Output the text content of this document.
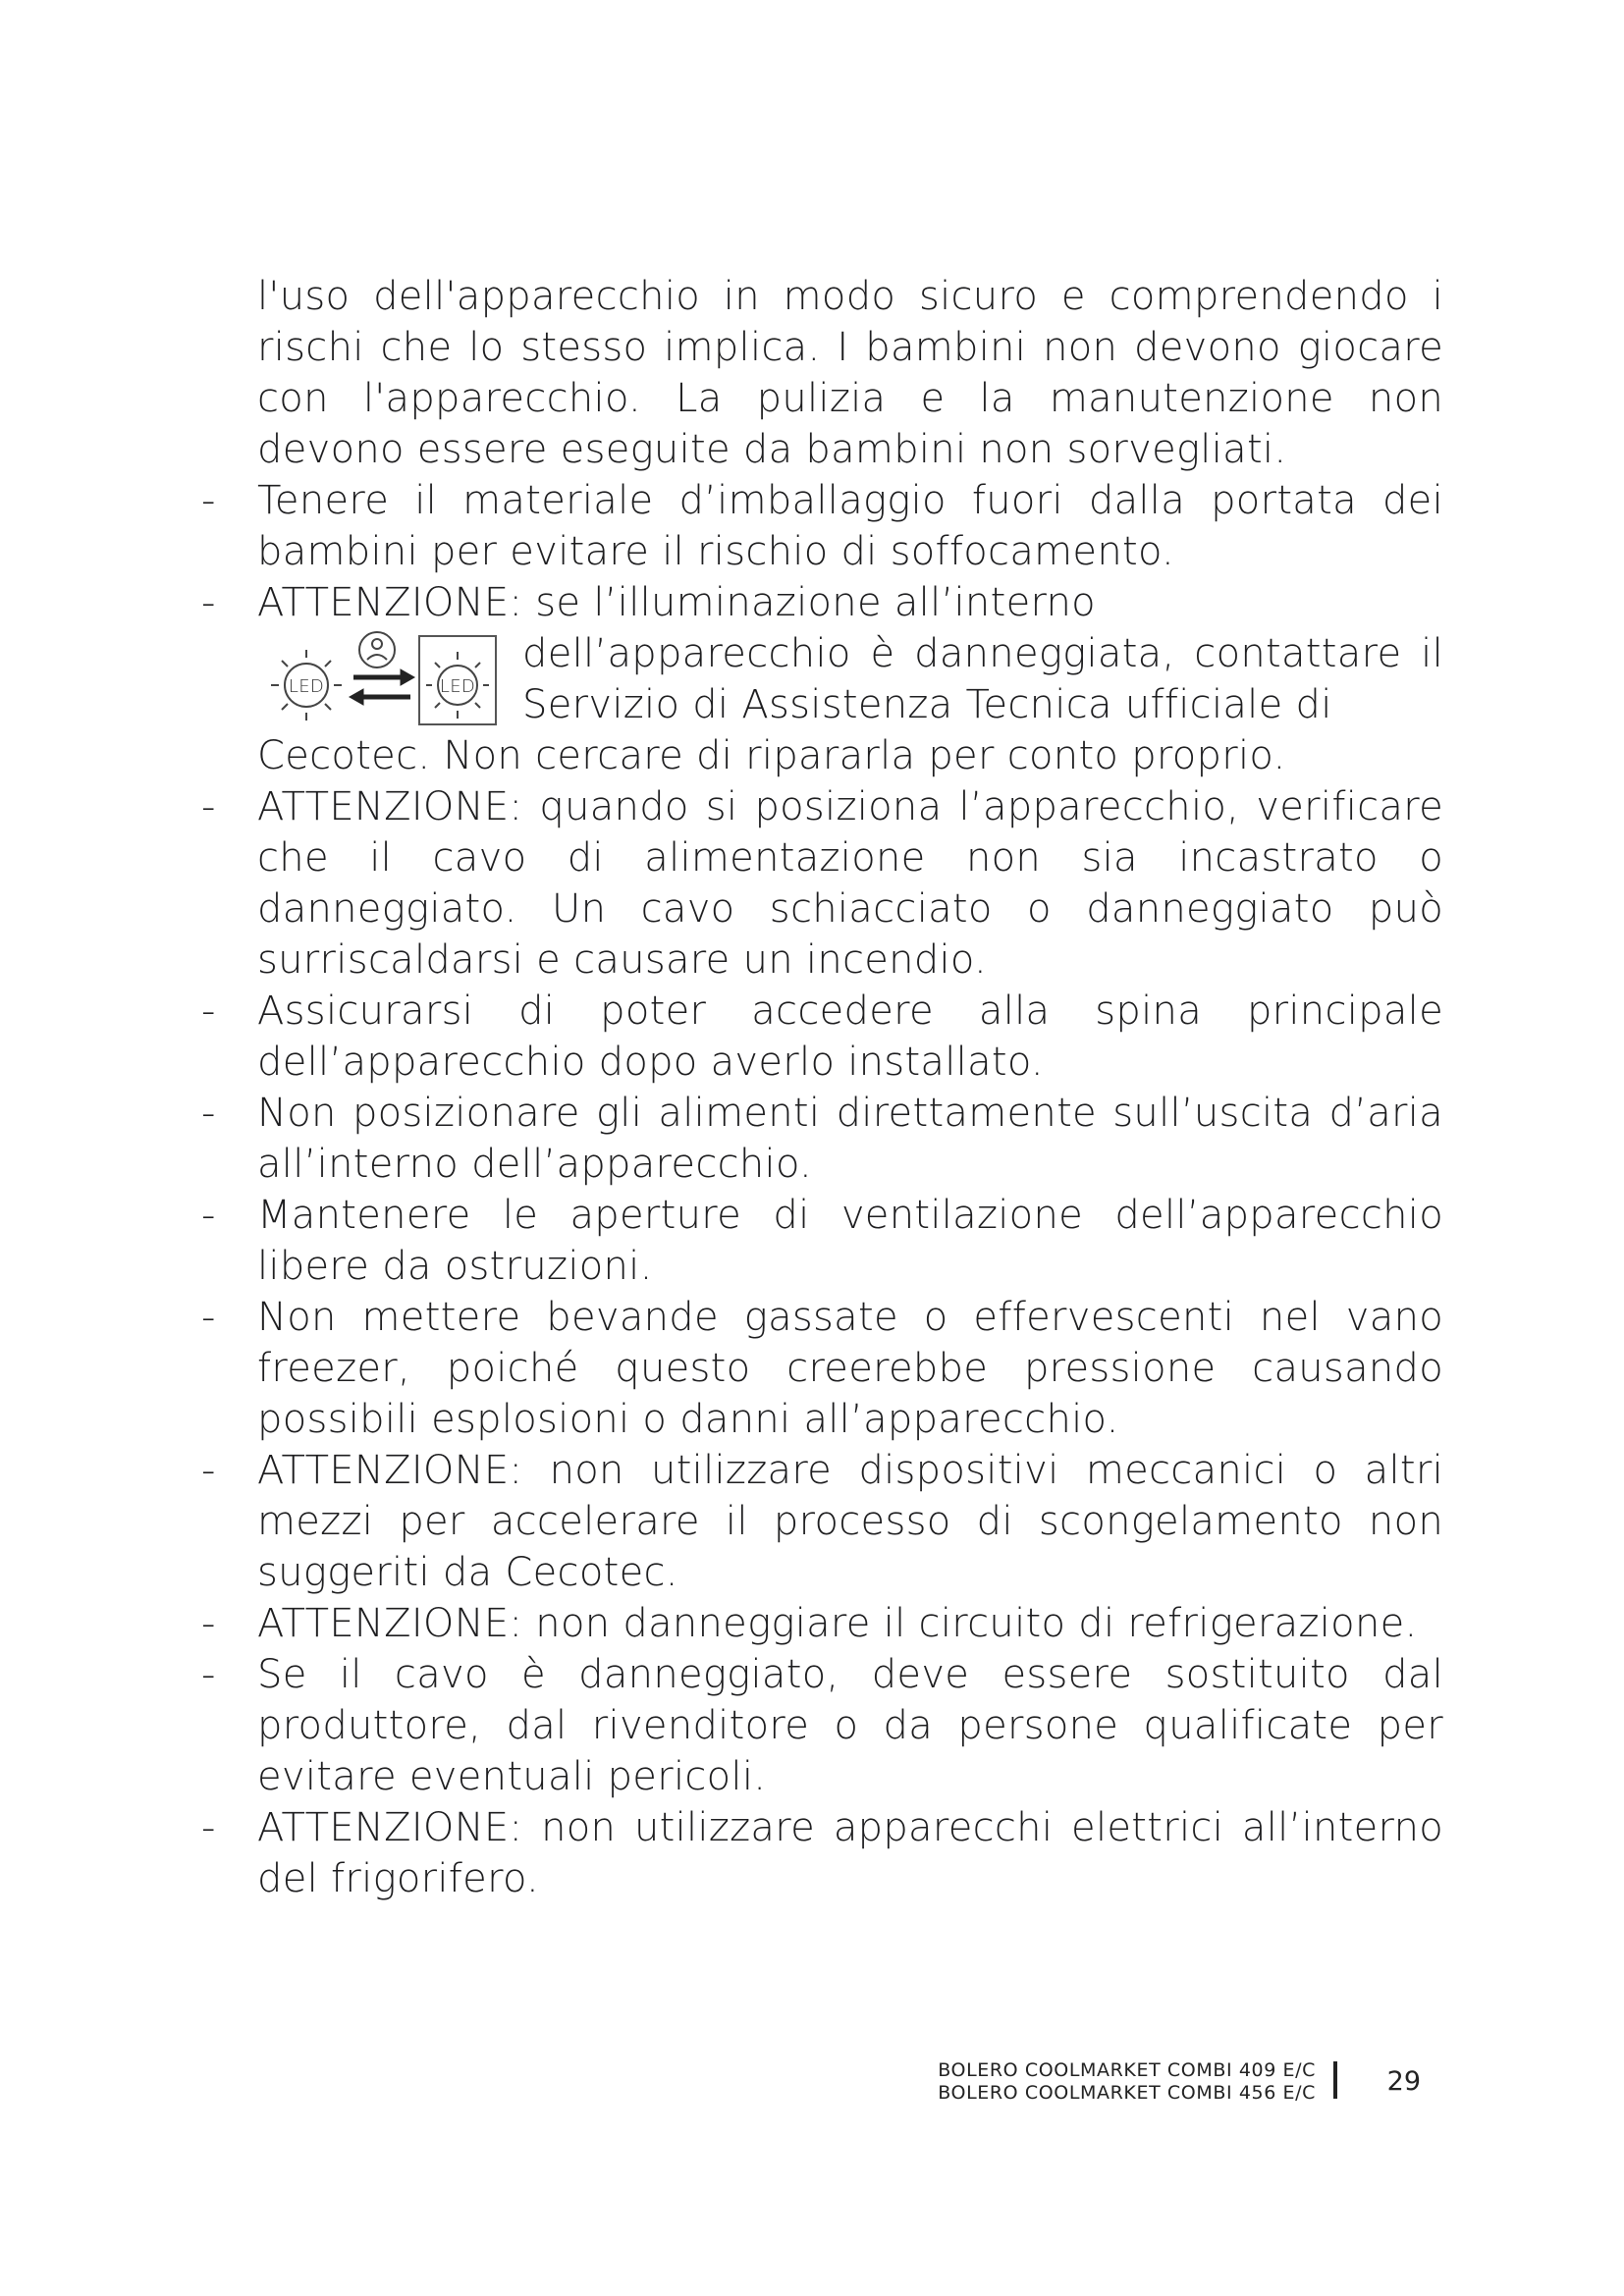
l'uso dell'apparecchio in modo sicuro e comprendendo i rischi che lo stesso implica. I bambini non devono giocare con l'apparecchio. La pulizia e la manutenzione non devono essere eseguite da bambini non sorvegliati.

-	Tenere il materiale d’imballaggio fuori dalla portata dei bambini per evitare il rischio di soffocamento.
-	ATTENZIONE: se l’illuminazione all’interno
LED	LED
dell’apparecchio è danneggiata, contattare il Servizio di Assistenza Tecnica ufficiale di
Cecotec. Non cercare di ripararla per conto proprio.
-	ATTENZIONE: quando si posiziona l’apparecchio, verificare che il cavo di alimentazione non sia incastrato o danneggiato. Un cavo schiacciato o danneggiato può surriscaldarsi e causare un incendio.
-	Assicurarsi di poter accedere alla spina principale dell’apparecchio dopo averlo installato.
-	Non posizionare gli alimenti direttamente sull’uscita d’aria all’interno dell’apparecchio.
-	Mantenere le aperture di ventilazione dell’apparecchio libere da ostruzioni.
-	Non mettere bevande gassate o effervescenti nel vano freezer, poiché questo creerebbe pressione causando possibili esplosioni o danni all’apparecchio.
-	ATTENZIONE: non utilizzare dispositivi meccanici o altri mezzi per accelerare il processo di scongelamento non suggeriti da Cecotec.
-	ATTENZIONE: non danneggiare il circuito di refrigerazione.
-	Se il cavo è danneggiato, deve essere sostituito dal produttore, dal rivenditore o da persone qualificate per evitare eventuali pericoli.
-	ATTENZIONE: non utilizzare apparecchi elettrici all’interno del frigorifero.
BOLERO COOLMARKET COMBI 409 E/C
BOLERO COOLMARKET COMBI 456 E/C	29
